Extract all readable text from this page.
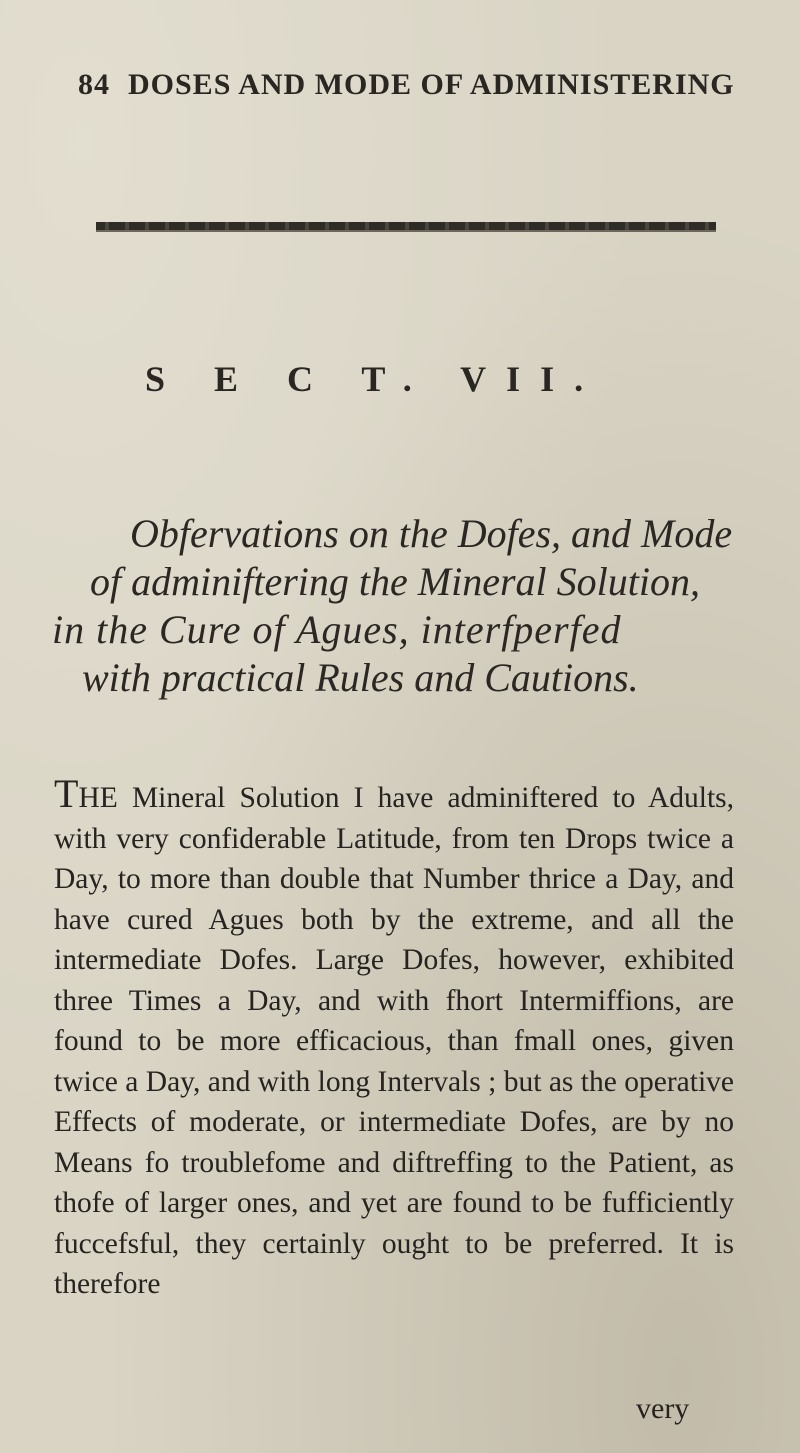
84 DOSES AND MODE OF ADMINISTERING
S E C T. VII.
Obfervations on the Dofes, and Mode
of adminiftering the Mineral Solution,
in the Cure of Agues, interfperfed
with practical Rules and Cautions.

THE Mineral Solution I have adminiftered to Adults, with very confiderable Latitude, from ten Drops twice a Day, to more than double that Number thrice a Day, and have cured Agues both by the extreme, and all the intermediate Dofes. Large Dofes, however, exhibited three Times a Day, and with fhort Intermiffions, are found to be more efficacious, than fmall ones, given twice a Day, and with long Intervals ; but as the operative Effects of moderate, or intermediate Dofes, are by no Means fo troublefome and diftreffing to the Patient, as thofe of larger ones, and yet are found to be fufficiently fuccefsful, they certainly ought to be preferred. It is therefore

very
